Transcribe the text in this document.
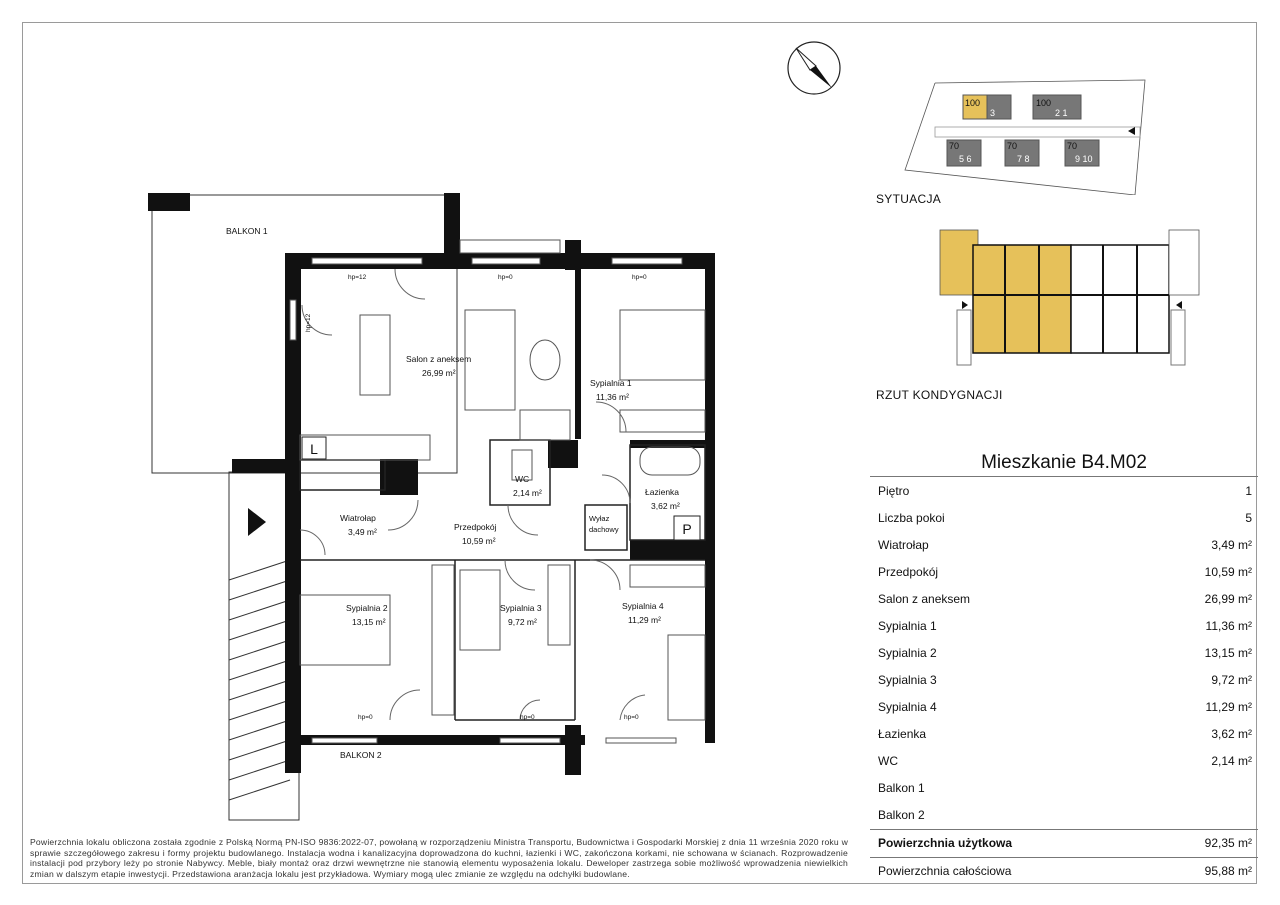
L
P
BALKON 1
BALKON 2
Salon z aneksem
26,99 m²
Sypialnia 1
11,36 m²
Sypialnia 2
13,15 m²
Sypialnia 3
9,72 m²
Sypialnia 4
11,29 m²
WC
2,14 m²	Łazienka
3,62 m²
Wiatrołap
3,49 m²	Przedpokój
10,59 m²
Wyłaz
dachowy
hp=12	hp=0	hp=0
hp=0	hp=0	hp=0
hp=12
100
3
100
2 1
70
5 6
70
7 8
70
9 10
SYTUACJA
RZUT KONDYGNACJI
Mieszkanie B4.M02
Piętro	1
Liczba pokoi	5
Wiatrołap	3,49 m²
Przedpokój	10,59 m²
Salon z aneksem	26,99 m²
Sypialnia 1	11,36 m²
Sypialnia 2	13,15 m²
Sypialnia 3	9,72 m²
Sypialnia 4	11,29 m²
Łazienka	3,62 m²
WC	2,14 m²
Balkon 1
Balkon 2
Powierzchnia użytkowa	92,35 m²
Powierzchnia całościowa	95,88 m²
Powierzchnia lokalu obliczona została zgodnie z Polską Normą PN-ISO 9836:2022-07, powołaną w rozporządzeniu Ministra Transportu, Budownictwa i Gospodarki Morskiej z dnia 11 września 2020 roku w sprawie szczegółowego zakresu i formy projektu budowlanego. Instalacja wodna i kanalizacyjna doprowadzona do kuchni, łazienki i WC, zakończona korkami, nie schowana w ścianach. Rozprowadzenie instalacji pod przybory leży po stronie Nabywcy. Meble, biały montaż oraz drzwi wewnętrzne nie stanowią elementu wyposażenia lokalu. Deweloper zastrzega sobie możliwość wprowadzenia niewielkich zmian w dalszym etapie inwestycji. Przedstawiona aranżacja lokalu jest przykładowa. Wymiary mogą ulec zmianie ze względu na odchyłki budowlane.
